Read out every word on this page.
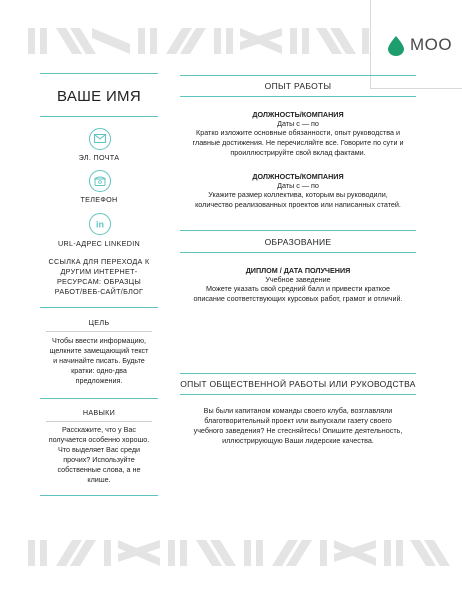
MOO
ВАШЕ ИМЯ
ЭЛ. ПОЧТА
ТЕЛЕФОН
in
URL-АДРЕС LINKEDIN
ССЫЛКА ДЛЯ ПЕРЕХОДА К
ДРУГИМ ИНТЕРНЕТ-
РЕСУРСАМ: ОБРАЗЦЫ
РАБОТ/ВЕБ-САЙТ/БЛОГ
ЦЕЛЬ
Чтобы ввести информацию,
щелкните замещающий текст
и начинайте писать. Будьте
кратки: одно-два
предложения.
НАВЫКИ
Расскажите, что у Вас
получается особенно хорошо.
Что выделяет Вас среди
прочих? Используйте
собственные слова, а не
клише.
ОПЫТ РАБОТЫ
ДОЛЖНОСТЬ/КОМПАНИЯ
Даты с — по
Кратко изложите основные обязанности, опыт руководства и
главные достижения. Не перечисляйте все. Говорите по сути и
проиллюстрируйте свой вклад фактами.
ДОЛЖНОСТЬ/КОМПАНИЯ
Даты с — по
Укажите размер коллектива, которым вы руководили,
количество реализованных проектов или написанных статей.
ОБРАЗОВАНИЕ
ДИПЛОМ / ДАТА ПОЛУЧЕНИЯ
Учебное заведение
Можете указать свой средний балл и привести краткое
описание соответствующих курсовых работ, грамот и отличий.
ОПЫТ ОБЩЕСТВЕННОЙ РАБОТЫ ИЛИ РУКОВОДСТВА
Вы были капитаном команды своего клуба, возглавляли
благотворительный проект или выпускали газету своего
учебного заведения? Не стесняйтесь! Опишите деятельность,
иллюстрирующую Ваши лидерские качества.
